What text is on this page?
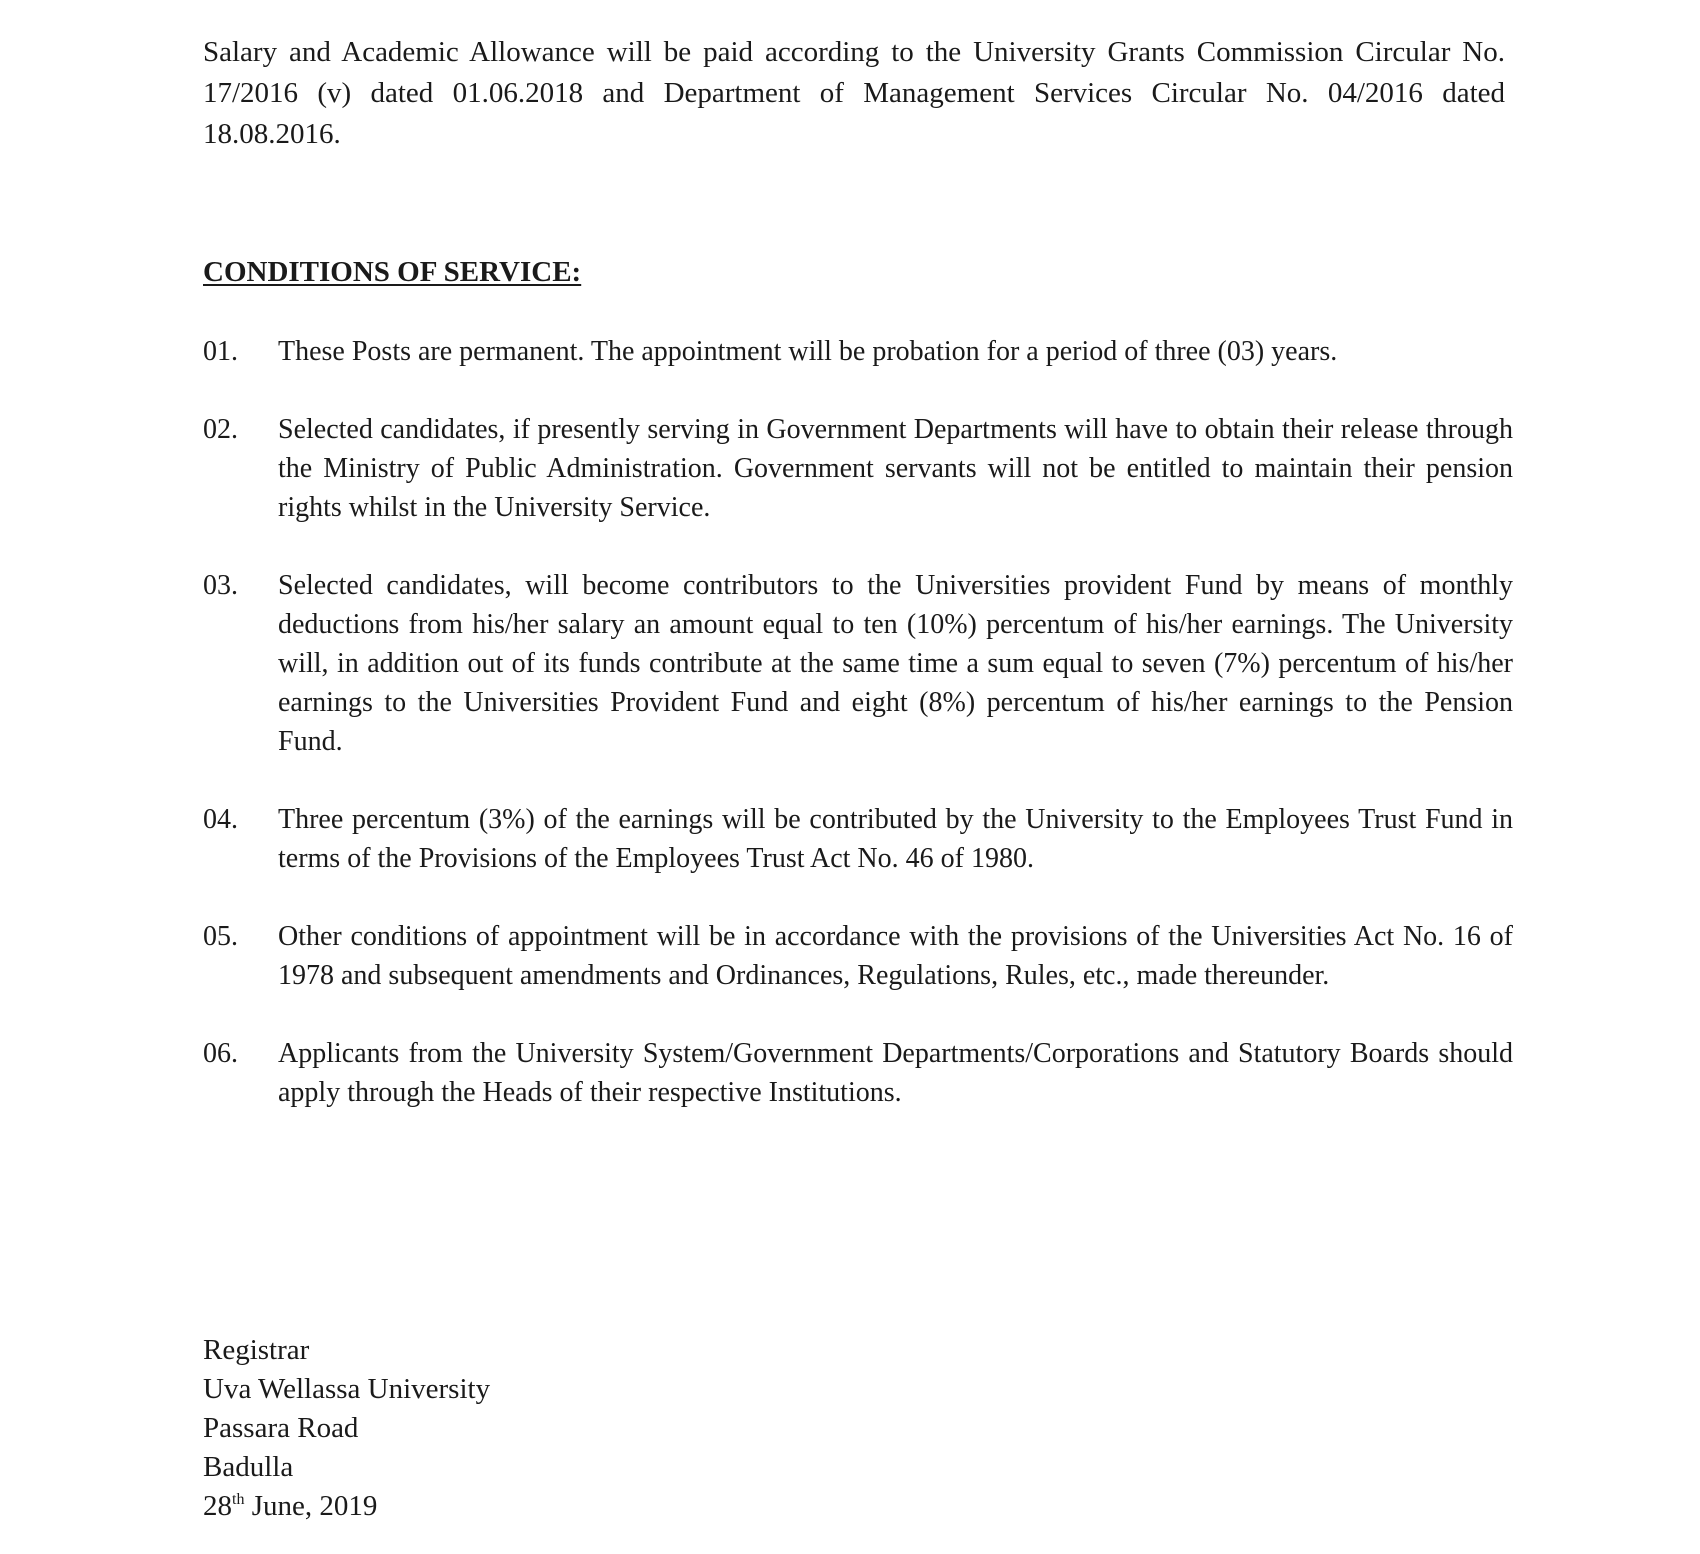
Salary and Academic Allowance will be paid according to the University Grants Commission Circular No. 17/2016 (v) dated 01.06.2018 and Department of Management Services Circular No. 04/2016 dated 18.08.2016.

CONDITIONS OF SERVICE:
01.	These Posts are permanent. The appointment will be probation for a period of three (03) years.
02.	Selected candidates, if presently serving in Government Departments will have to obtain their release through the Ministry of Public Administration. Government servants will not be entitled to maintain their pension rights whilst in the University Service.
03.	Selected candidates, will become contributors to the Universities provident Fund by means of monthly deductions from his/her salary an amount equal to ten (10%) percentum of his/her earnings. The University will, in addition out of its funds contribute at the same time a sum equal to seven (7%) percentum of his/her earnings to the Universities Provident Fund and eight (8%) percentum of his/her earnings to the Pension Fund.
04.	Three percentum (3%) of the earnings will be contributed by the University to the Employees Trust Fund in terms of the Provisions of the Employees Trust Act No. 46 of 1980.
05.	Other conditions of appointment will be in accordance with the provisions of the Universities Act No. 16 of 1978 and subsequent amendments and Ordinances, Regulations, Rules, etc., made thereunder.
06.	Applicants from the University System/Government Departments/Corporations and Statutory Boards should apply through the Heads of their respective Institutions.
Registrar
Uva Wellassa University
Passara Road
Badulla
28th June, 2019
